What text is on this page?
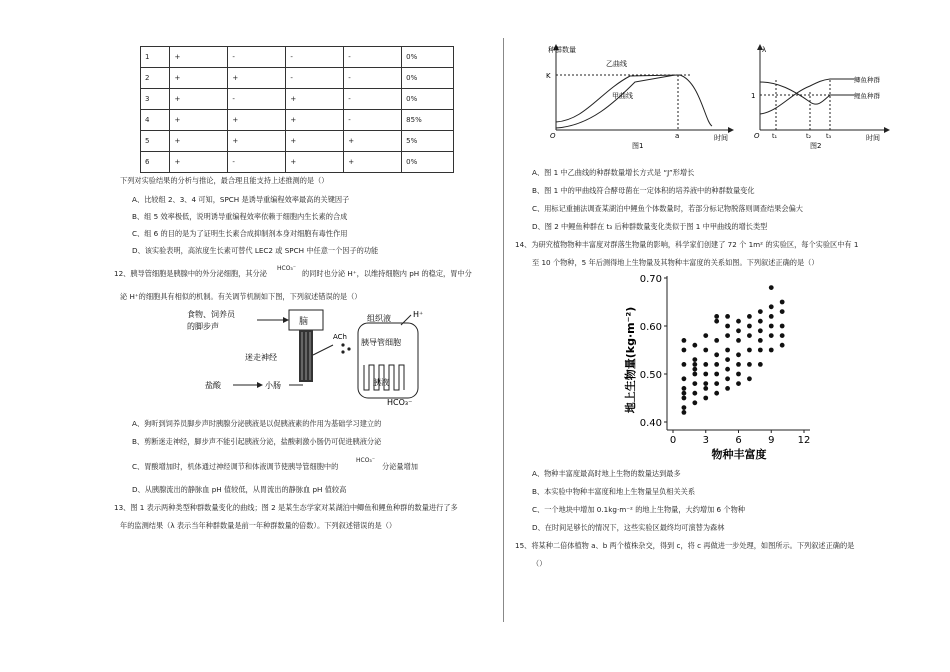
1	+	-	-	-	0%
2	+	+	-	-	0%
3	+	-	+	-	0%
4	+	+	+	-	85%
5	+	+	+	+	5%
6	+	-	+	+	0%
下列对实验结果的分析与推论，最合理且能支持上述推测的是（）
A、比较组 2、3、4 可知，SPCH 是诱导重编程效率最高的关键因子
B、组 5 效率极低，说明诱导重编程效率依赖于细胞内生长素的合成
C、组 6 的目的是为了证明生长素合成抑制剂本身对细胞有毒性作用
D、该实验表明，高浓度生长素可替代 LEC2 或 SPCH 中任意一个因子的功能
12、胰导管细胞是胰腺中的外分泌细胞，其分泌
HCO₃⁻
的同时也分泌 H⁺，以维持细胞内 pH 的稳定，胃中分
泌 H⁺的细胞具有相似的机制。有关调节机制如下图，下列叙述错误的是（）
食物、饲养员
的脚步声	脑
迷走神经
ACh
组织液	H⁺
胰导管细胞
盐酸	小肠	胰液
HCO₃⁻
A、狗听到饲养员脚步声时胰腺分泌胰液是以促胰液素的作用为基础学习建立的
B、剪断迷走神经，脚步声不能引起胰液分泌，盐酸刺激小肠仍可促进胰液分泌
C、胃酸增加时，机体通过神经调节和体液调节使胰导管细胞中的
HCO₃⁻
分泌量增加
D、从胰腺流出的静脉血 pH 值较低，从胃流出的静脉血 pH 值较高
13、图 1 表示两种类型种群数量变化的曲线；图 2 是某生态学家对某湖泊中鲫鱼和鲤鱼种群的数量进行了多
年的监测结果（λ 表示当年种群数量是前一年种群数量的倍数）。下列叙述错误的是（）
种群数量
K
乙曲线
甲曲线
O	a	时间
图1
λ
1
鲫鱼种群
鲤鱼种群
O t₁	t₂ t₃	时间
图2
A、图 1 中乙曲线的种群数量增长方式是 “J”形增长
B、图 1 中的甲曲线符合酵母菌在一定体积的培养液中的种群数量变化
C、用标记重捕法调查某湖泊中鲤鱼个体数量时，若部分标记物脱落则调查结果会偏大
D、图 2 中鲤鱼种群在 t₃ 后种群数量变化类似于图 1 中甲曲线的增长类型
14、为研究植物物种丰富度对群落生物量的影响，科学家们创建了 72 个 1m² 的实验区，每个实验区中有 1
至 10 个物种，5 年后测得地上生物量及其物种丰富度的关系如图。下列叙述正确的是（）
0.40
0.50
0.60
0.70
0	3	6	9 12
地上生物量(kg·m⁻²)
物种丰富度
A、物种丰富度最高时地上生物的数量达到最多
B、本实验中物种丰富度和地上生物量呈负相关关系
C、一个地块中增加 0.1kg·m⁻² 的地上生物量，大约增加 6 个物种
D、在时间足够长的情况下，这些实验区最终均可演替为森林
15、将某种二倍体植物 a、b 两个植株杂交，得到 c，将 c 再做进一步处理，如图所示。下列叙述正确的是
（）
